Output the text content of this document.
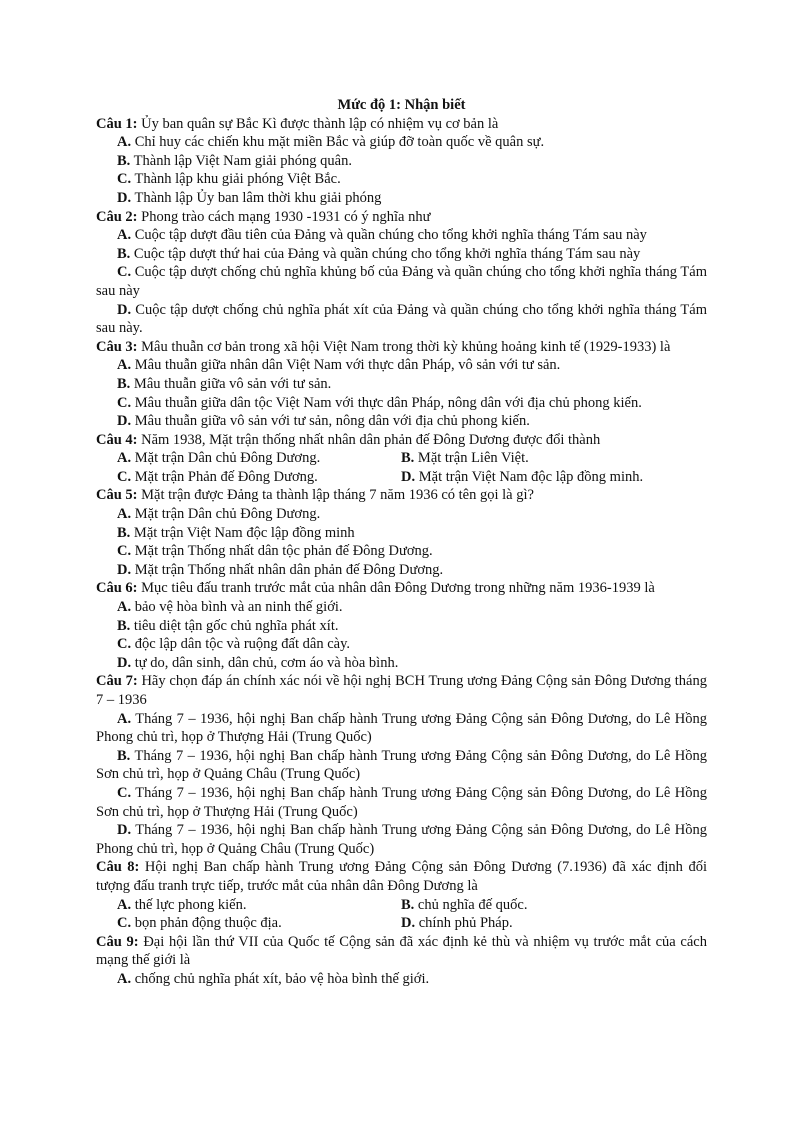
Mức độ 1: Nhận biết

Câu 1: Ủy ban quân sự Bắc Kì được thành lập có nhiệm vụ cơ bản là

A. Chỉ huy các chiến khu mặt miền Bắc và giúp đỡ toàn quốc về quân sự.

B. Thành lập Việt Nam giải phóng quân.

C. Thành lập khu giải phóng Việt Bắc.

D. Thành lập Ủy ban lâm thời khu giải phóng

Câu 2: Phong trào cách mạng 1930 -1931 có ý nghĩa như

A. Cuộc tập dượt đầu tiên của Đảng và quần chúng cho tổng khởi nghĩa tháng Tám sau này

B. Cuộc tập dượt thứ hai của Đảng và quần chúng cho tổng khởi nghĩa tháng Tám sau này

C. Cuộc tập dượt chống chủ nghĩa khủng bố của Đảng và quần chúng cho tổng khởi nghĩa tháng Tám sau này

D. Cuộc tập dượt chống chủ nghĩa phát xít của Đảng và quần chúng cho tổng khởi nghĩa tháng Tám sau này.

Câu 3: Mâu thuẫn cơ bản trong xã hội Việt Nam trong thời kỳ khủng hoảng kinh tế (1929-1933) là

A. Mâu thuẫn giữa nhân dân Việt Nam với thực dân Pháp, vô sản với tư sản.

B. Mâu thuẫn giữa vô sản với tư sản.

C. Mâu thuẫn giữa dân tộc Việt Nam với thực dân Pháp, nông dân với địa chủ phong kiến.

D. Mâu thuẫn giữa vô sản với tư sản, nông dân với địa chủ phong kiến.

Câu 4: Năm 1938, Mặt trận thống nhất nhân dân phản đế Đông Dương được đổi thành

A. Mặt trận Dân chủ Đông Dương.	B. Mặt trận Liên Việt.
C. Mặt trận Phản đế Đông Dương.	D. Mặt trận Việt Nam độc lập đồng minh.

Câu 5: Mặt trận được Đảng ta thành lập tháng 7 năm 1936 có tên gọi là gì?

A. Mặt trận Dân chủ Đông Dương.

B. Mặt trận Việt Nam độc lập đồng minh

C. Mặt trận Thống nhất dân tộc phản đế Đông Dương.

D. Mặt trận Thống nhất nhân dân phản đế Đông Dương.

Câu 6: Mục tiêu đấu tranh trước mắt của nhân dân Đông Dương trong những năm 1936-1939 là

A. bảo vệ hòa bình và an ninh thế giới.

B. tiêu diệt tận gốc chủ nghĩa phát xít.

C. độc lập dân tộc và ruộng đất dân cày.

D. tự do, dân sinh, dân chủ, cơm áo và hòa bình.

Câu 7: Hãy chọn đáp án chính xác nói về hội nghị BCH Trung ương Đảng Cộng sản Đông Dương tháng 7 – 1936

A. Tháng 7 – 1936, hội nghị Ban chấp hành Trung ương Đảng Cộng sản Đông Dương, do Lê Hồng Phong chủ trì, họp ở Thượng Hải (Trung Quốc)

B. Tháng 7 – 1936, hội nghị Ban chấp hành Trung ương Đảng Cộng sản Đông Dương, do Lê Hồng Sơn chủ trì, họp ở Quảng Châu (Trung Quốc)

C. Tháng 7 – 1936, hội nghị Ban chấp hành Trung ương Đảng Cộng sản Đông Dương, do Lê Hồng Sơn chủ trì, họp ở Thượng Hải (Trung Quốc)

D. Tháng 7 – 1936, hội nghị Ban chấp hành Trung ương Đảng Cộng sản Đông Dương, do Lê Hồng Phong chủ trì, họp ở Quảng Châu (Trung Quốc)

Câu 8: Hội nghị Ban chấp hành Trung ương Đảng Cộng sản Đông Dương (7.1936) đã xác định đối tượng đấu tranh trực tiếp, trước mắt của nhân dân Đông Dương là

A. thế lực phong kiến.	B. chủ nghĩa đế quốc.
C. bọn phản động thuộc địa.	D. chính phủ Pháp.

Câu 9: Đại hội lần thứ VII của Quốc tế Cộng sản đã xác định kẻ thù và nhiệm vụ trước mắt của cách mạng thế giới là

A. chống chủ nghĩa phát xít, bảo vệ hòa bình thế giới.
